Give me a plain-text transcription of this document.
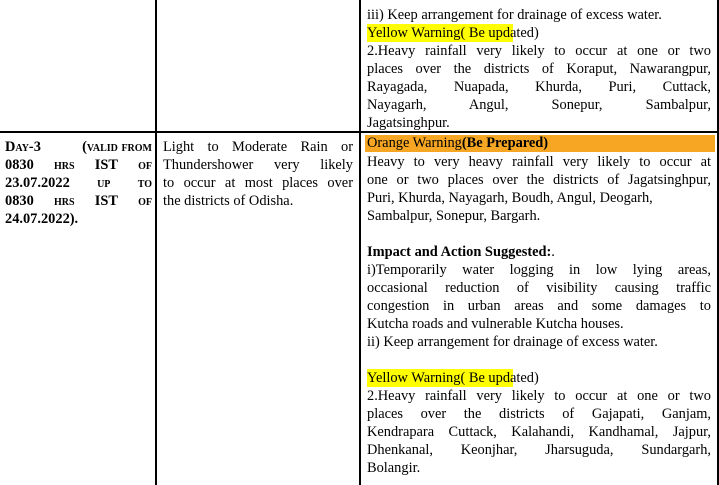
iii) Keep arrangement for drainage of excess water.
Yellow Warning( Be updated)
2.Heavy rainfall very likely to occur at one or two
places over the districts of Koraput, Nawarangpur,
Rayagada, Nuapada, Khurda, Puri, Cuttack,
Nayagarh, Angul, Sonepur, Sambalpur,
Jagatsinghpur.
Day-3	(valid from
0830 hrs IST of
23.07.2022 up to
0830 hrs IST of
24.07.2022).
Light to Moderate Rain or
Thundershower very likely
to occur at most places over
the districts of Odisha.
Orange Warning(Be Prepared)
Heavy to very heavy rainfall very likely to occur at
one or two places over the districts of Jagatsinghpur,
Puri, Khurda, Nayagarh, Boudh, Angul, Deogarh,
Sambalpur, Sonepur, Bargarh.
Impact and Action Suggested:.
i)Temporarily water logging in low lying areas,
occasional reduction of visibility causing traffic
congestion in urban areas and some damages to
Kutcha roads and vulnerable Kutcha houses.
ii) Keep arrangement for drainage of excess water.
Yellow Warning( Be updated)
2.Heavy rainfall very likely to occur at one or two
places over the districts of Gajapati, Ganjam,
Kendrapara Cuttack, Kalahandi, Kandhamal, Jajpur,
Dhenkanal, Keonjhar, Jharsuguda, Sundargarh,
Bolangir.
